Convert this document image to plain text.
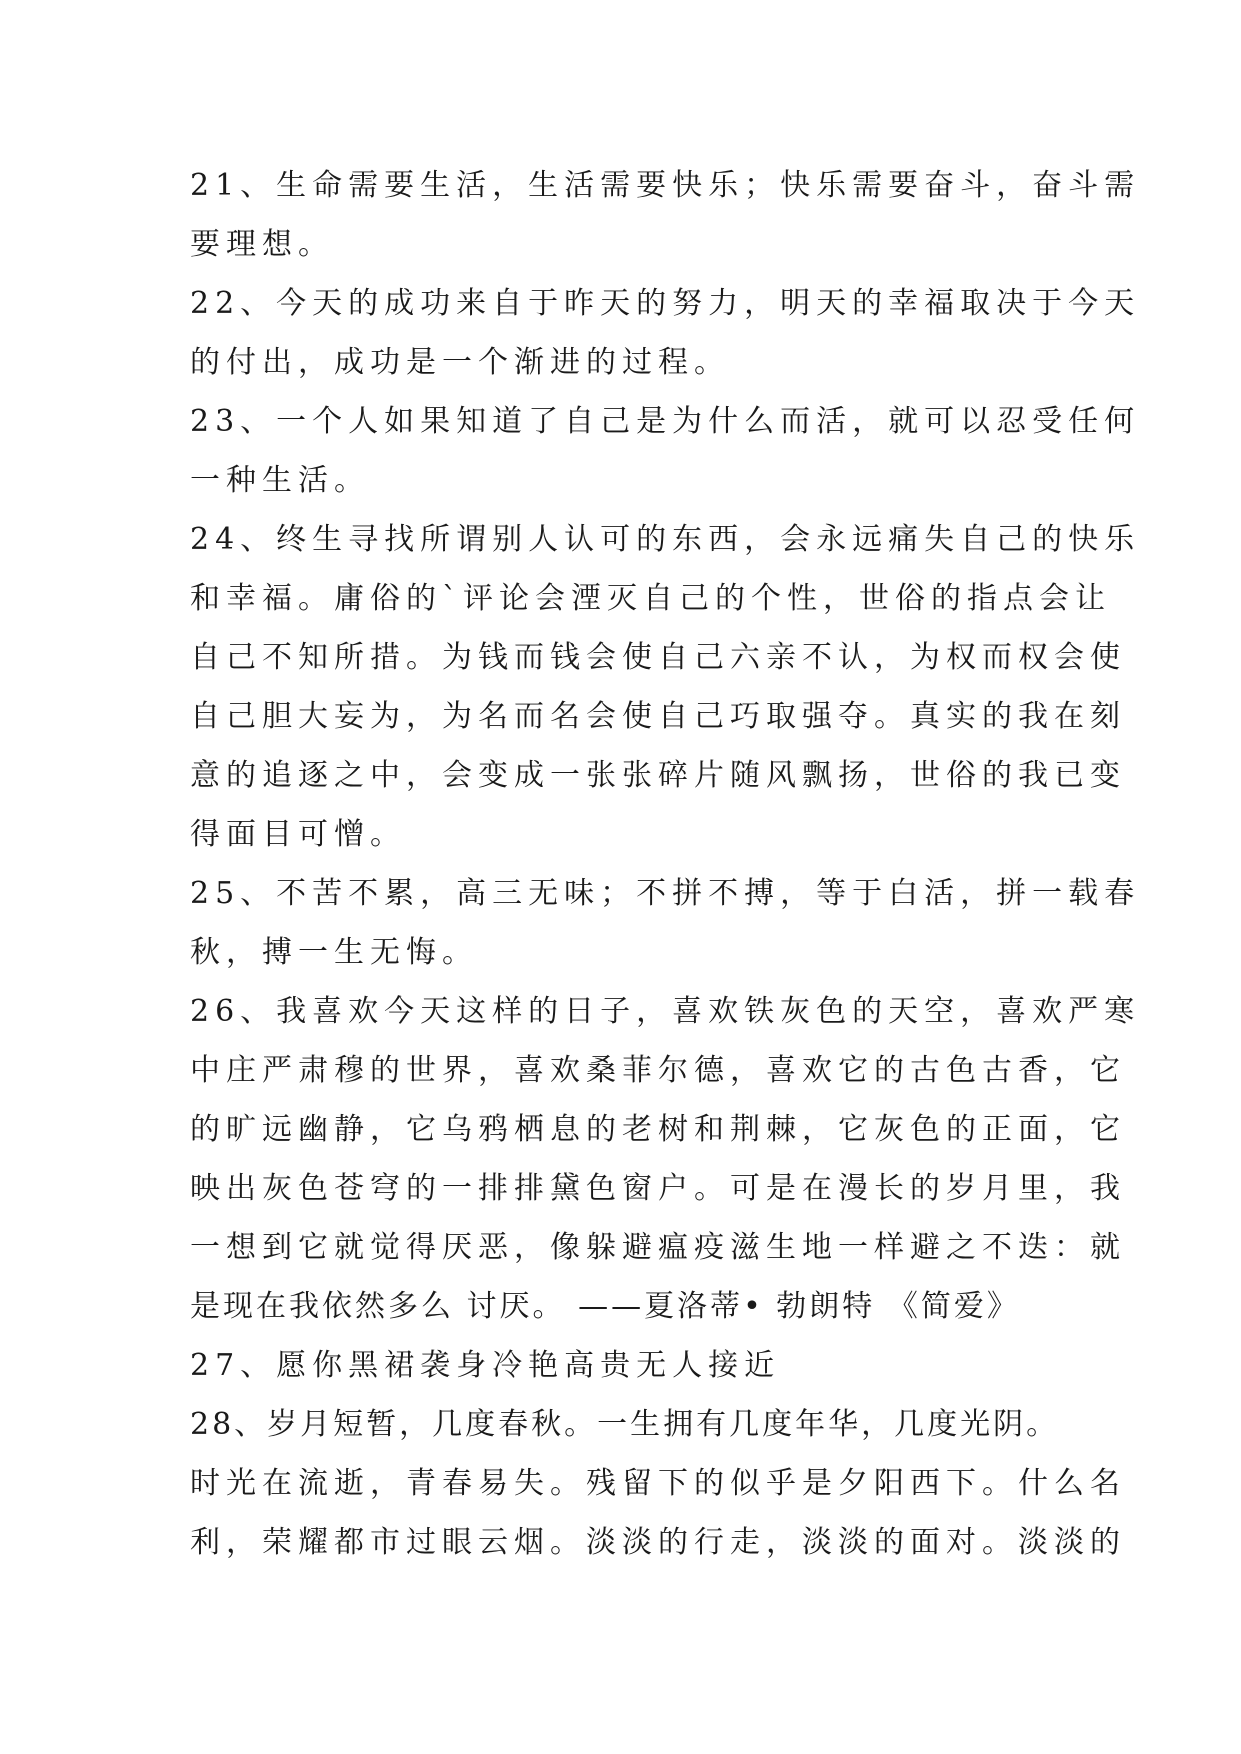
21、生命需要生活，生活需要快乐；快乐需要奋斗，奋斗需
要理想。
22、今天的成功来自于昨天的努力，明天的幸福取决于今天
的付出，成功是一个渐进的过程。
23、一个人如果知道了自己是为什么而活，就可以忍受任何
一种生活。
24、终生寻找所谓别人认可的东西，会永远痛失自己的快乐
和幸福。庸俗的`评论会湮灭自己的个性，世俗的指点会让
自己不知所措。为钱而钱会使自己六亲不认，为权而权会使
自己胆大妄为，为名而名会使自己巧取强夺。真实的我在刻
意的追逐之中，会变成一张张碎片随风飘扬，世俗的我已变
得面目可憎。
25、不苦不累，高三无味；不拼不搏，等于白活，拼一载春
秋，搏一生无悔。
26、我喜欢今天这样的日子，喜欢铁灰色的天空，喜欢严寒
中庄严肃穆的世界，喜欢桑菲尔德，喜欢它的古色古香，它
的旷远幽静，它乌鸦栖息的老树和荆棘，它灰色的正面，它
映出灰色苍穹的一排排黛色窗户。可是在漫长的岁月里，我
一想到它就觉得厌恶，像躲避瘟疫滋生地一样避之不迭：就
是现在我依然多么 讨厌。 ——夏洛蒂• 勃朗特 《简爱》
27、愿你黑裙袭身冷艳高贵无人接近
28、岁月短暂，几度春秋。一生拥有几度年华，几度光阴。
时光在流逝，青春易失。残留下的似乎是夕阳西下。什么名
利，荣耀都市过眼云烟。淡淡的行走，淡淡的面对。淡淡的
